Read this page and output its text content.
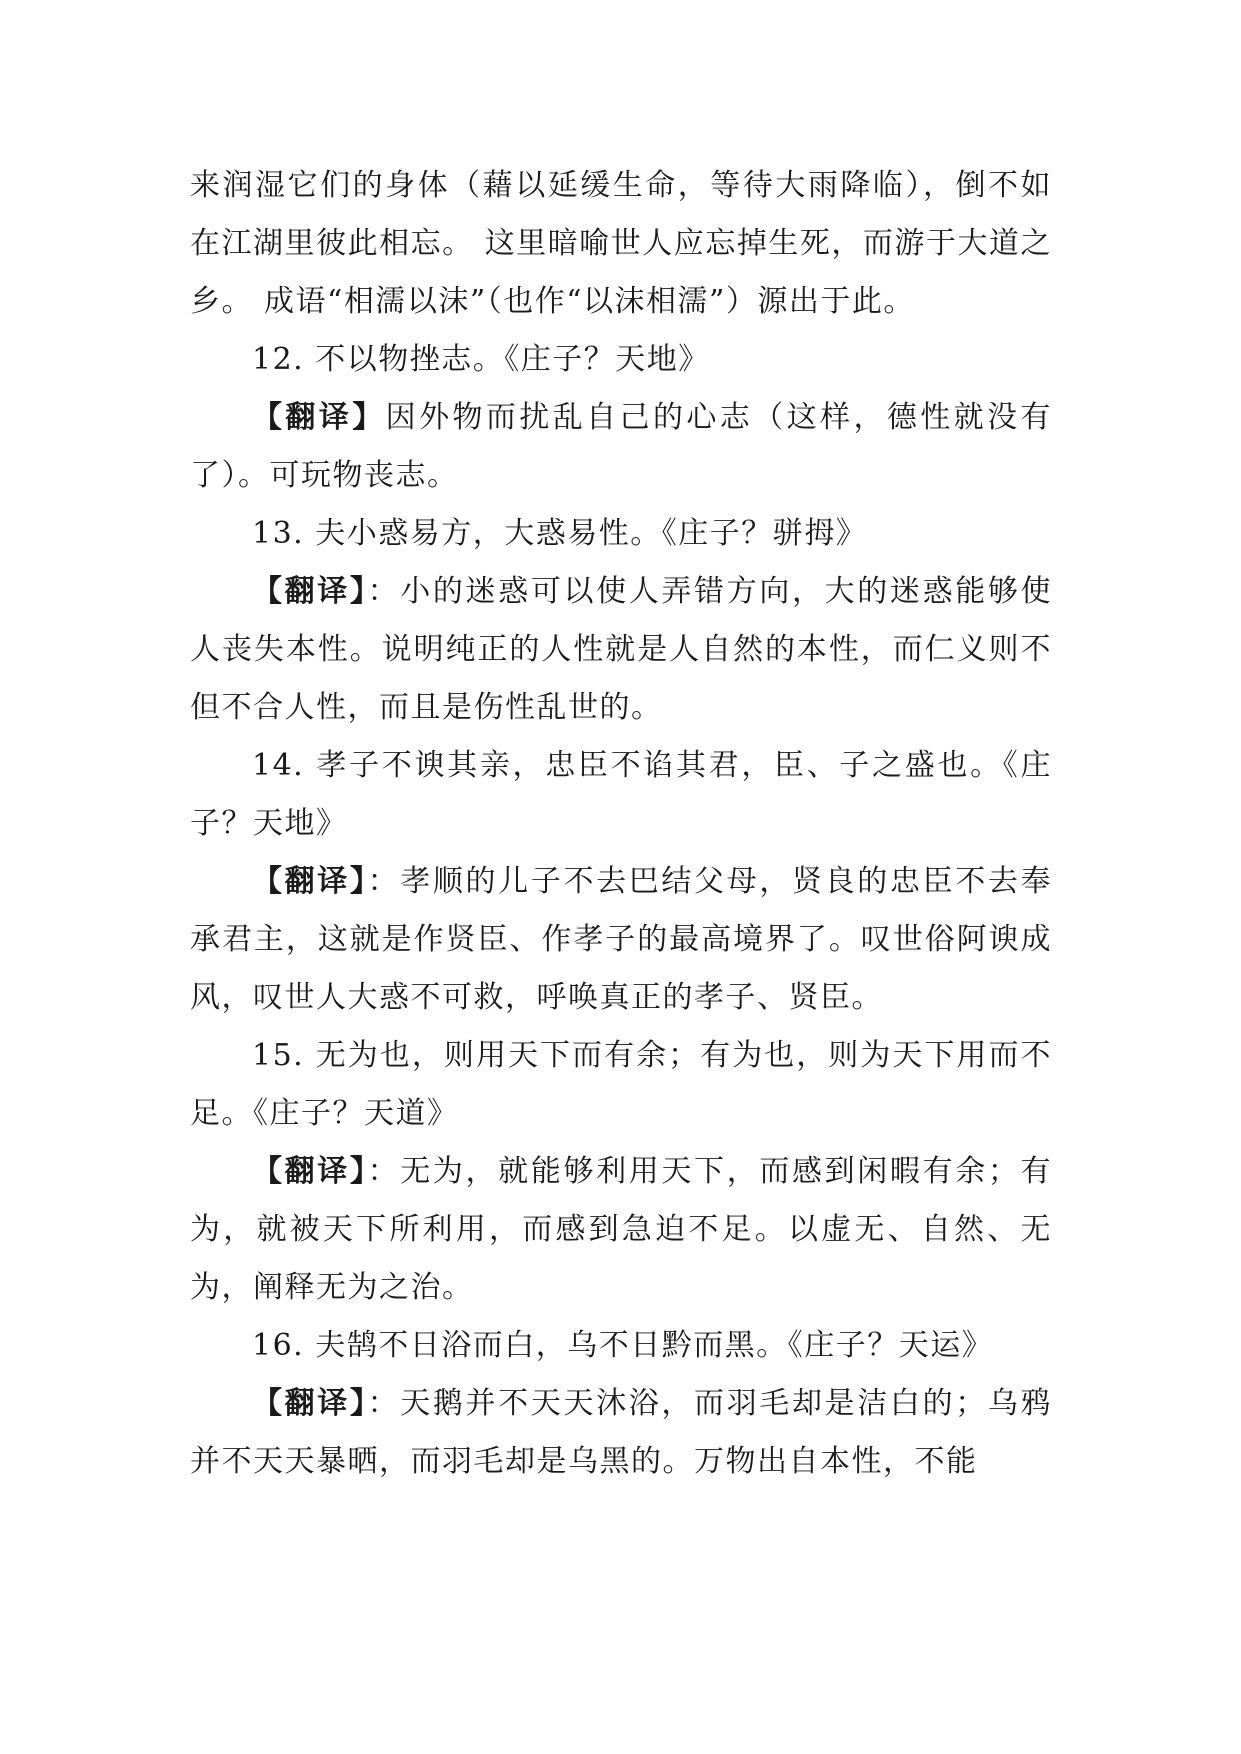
来润湿它们的身体（藉以延缓生命，等待大雨降临），倒不如在江湖里彼此相忘。 这里暗喻世人应忘掉生死，而游于大道之乡。 成语“相濡以沫”（也作“以沫相濡”）源出于此。

12. 不以物挫志。《庄子？天地》

【翻译】因外物而扰乱自己的心志（这样，德性就没有了）。可玩物丧志。

13. 夫小惑易方，大惑易性。《庄子？骈拇》

【翻译】：小的迷惑可以使人弄错方向，大的迷惑能够使人丧失本性。说明纯正的人性就是人自然的本性，而仁义则不但不合人性，而且是伤性乱世的。

14. 孝子不谀其亲，忠臣不谄其君，臣、子之盛也。《庄子？天地》

【翻译】：孝顺的儿子不去巴结父母，贤良的忠臣不去奉承君主，这就是作贤臣、作孝子的最高境界了。叹世俗阿谀成风，叹世人大惑不可救，呼唤真正的孝子、贤臣。

15. 无为也，则用天下而有余；有为也，则为天下用而不足。《庄子？天道》

【翻译】：无为，就能够利用天下，而感到闲暇有余；有为，就被天下所利用，而感到急迫不足。以虚无、自然、无为，阐释无为之治。

16. 夫鹄不日浴而白，乌不日黔而黑。《庄子？天运》

【翻译】：天鹅并不天天沐浴，而羽毛却是洁白的；乌鸦并不天天暴晒，而羽毛却是乌黑的。万物出自本性，不能
